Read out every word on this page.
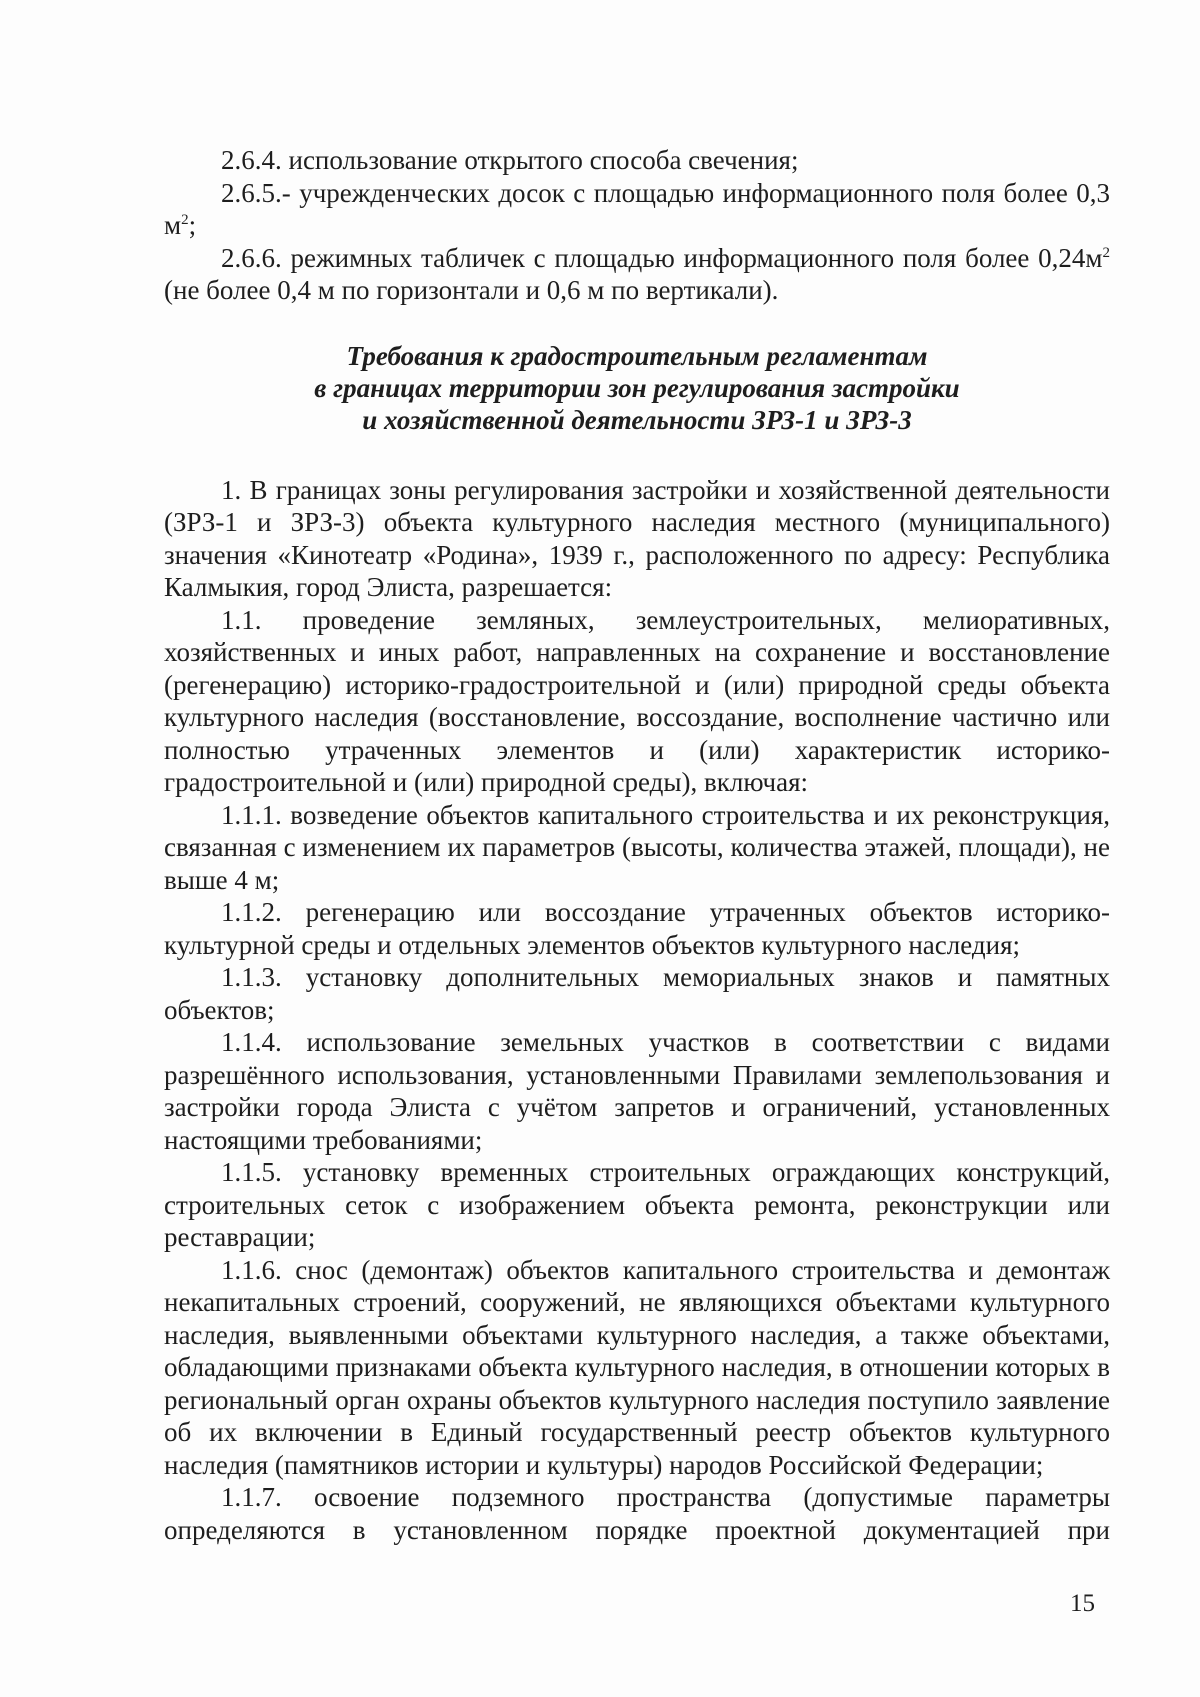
2.6.4. использование открытого способа свечения;

2.6.5.- учрежденческих досок с площадью информационного поля более 0,3 $м^2$;

2.6.6. режимных табличек с площадью информационного поля более $0,24м^2$ (не более 0,4 м по горизонтали и 0,6 м по вертикали).

Требования к градостроительным регламентам
в границах территории зон регулирования застройки
и хозяйственной деятельности ЗРЗ-1 и ЗРЗ-3

1. В границах зоны регулирования застройки и хозяйственной деятельности (ЗРЗ-1 и ЗРЗ-3) объекта культурного наследия местного (муниципального) значения «Кинотеатр «Родина», 1939 г., расположенного по адресу: Республика Калмыкия, город Элиста, разрешается:

1.1. проведение земляных, землеустроительных, мелиоративных, хозяйственных и иных работ, направленных на сохранение и восстановление (регенерацию) историко-градостроительной и (или) природной среды объекта культурного наследия (восстановление, воссоздание, восполнение частично или полностью утраченных элементов и (или) характеристик историко-градостроительной и (или) природной среды), включая:

1.1.1. возведение объектов капитального строительства и их реконструкция, связанная с изменением их параметров (высоты, количества этажей, площади), не выше 4 м;

1.1.2. регенерацию или воссоздание утраченных объектов историко-культурной среды и отдельных элементов объектов культурного наследия;

1.1.3. установку дополнительных мемориальных знаков и памятных объектов;

1.1.4. использование земельных участков в соответствии с видами разрешённого использования, установленными Правилами землепользования и застройки города Элиста с учётом запретов и ограничений, установленных настоящими требованиями;

1.1.5. установку временных строительных ограждающих конструкций, строительных сеток с изображением объекта ремонта, реконструкции или реставрации;

1.1.6. снос (демонтаж) объектов капитального строительства и демонтаж некапитальных строений, сооружений, не являющихся объектами культурного наследия, выявленными объектами культурного наследия, а также объектами, обладающими признаками объекта культурного наследия, в отношении которых в региональный орган охраны объектов культурного наследия поступило заявление об их включении в Единый государственный реестр объектов культурного наследия (памятников истории и культуры) народов Российской Федерации;

1.1.7. освоение подземного пространства (допустимые параметры определяются в установленном порядке проектной документацией при

15
